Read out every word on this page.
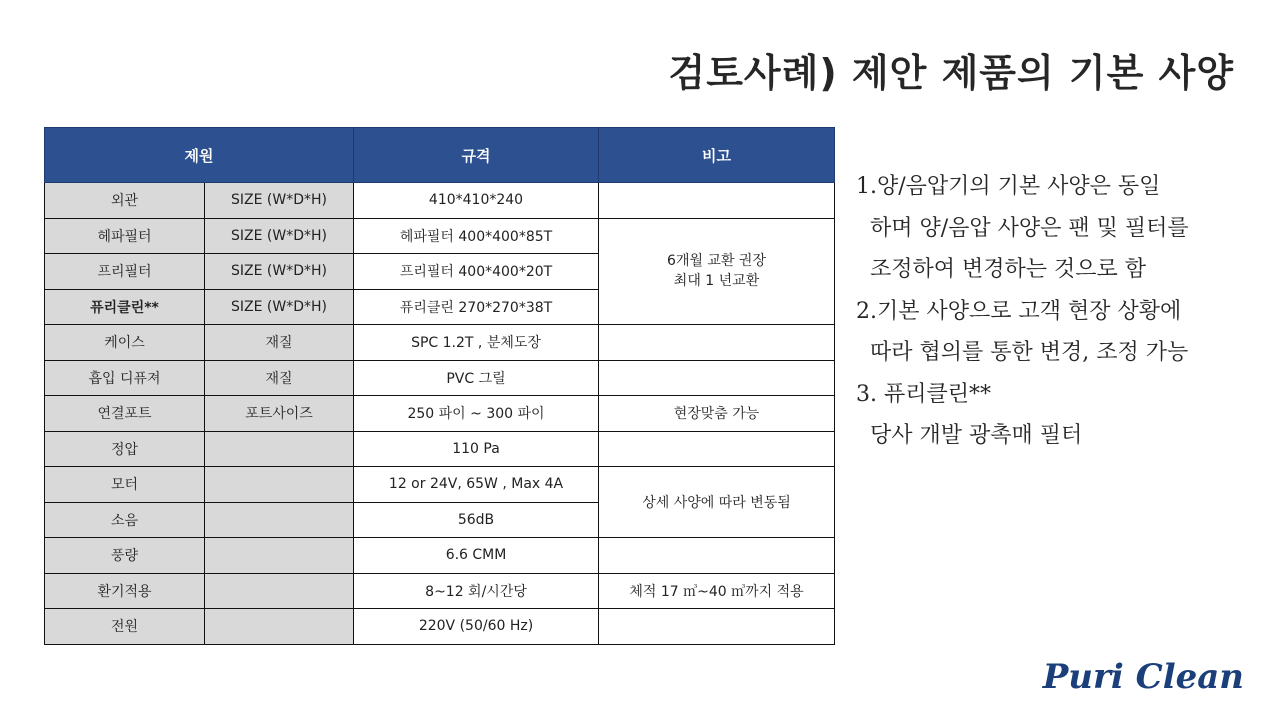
검토사례) 제안 제품의 기본 사양
제원		규격	비고
외관	SIZE (W*D*H)	410*410*240	
헤파필터	SIZE (W*D*H)	헤파필터 400*400*85T	6개월 교환 권장
최대 1 년교환

프리필터	SIZE (W*D*H)	프리필터 400*400*20T	
퓨리클린**	SIZE (W*D*H)	퓨리클린 270*270*38T	
케이스	재질	SPC 1.2T , 분체도장	
흡입 디퓨져	재질	PVC 그릴	
연결포트	포트사이즈	250 파이 ~ 300 파이	현장맞춤 가능
정압		110 Pa	
모터		12 or 24V, 65W , Max 4A	상세 사양에 따라 변동됨
소음		56dB	
풍량		6.6 CMM	
환기적용		8~12 회/시간당	체적 17 ㎥~40 ㎥까지 적용
전원		220V (50/60 Hz)	
1.양/음압기의 기본 사양은 동일
하며 양/음압 사양은 팬 및 필터를
조정하여 변경하는 것으로 함
2.기본 사양으로 고객 현장 상황에
따라 협의를 통한 변경, 조정 가능
3. 퓨리클린**
당사 개발 광촉매 필터
Puri Clean
